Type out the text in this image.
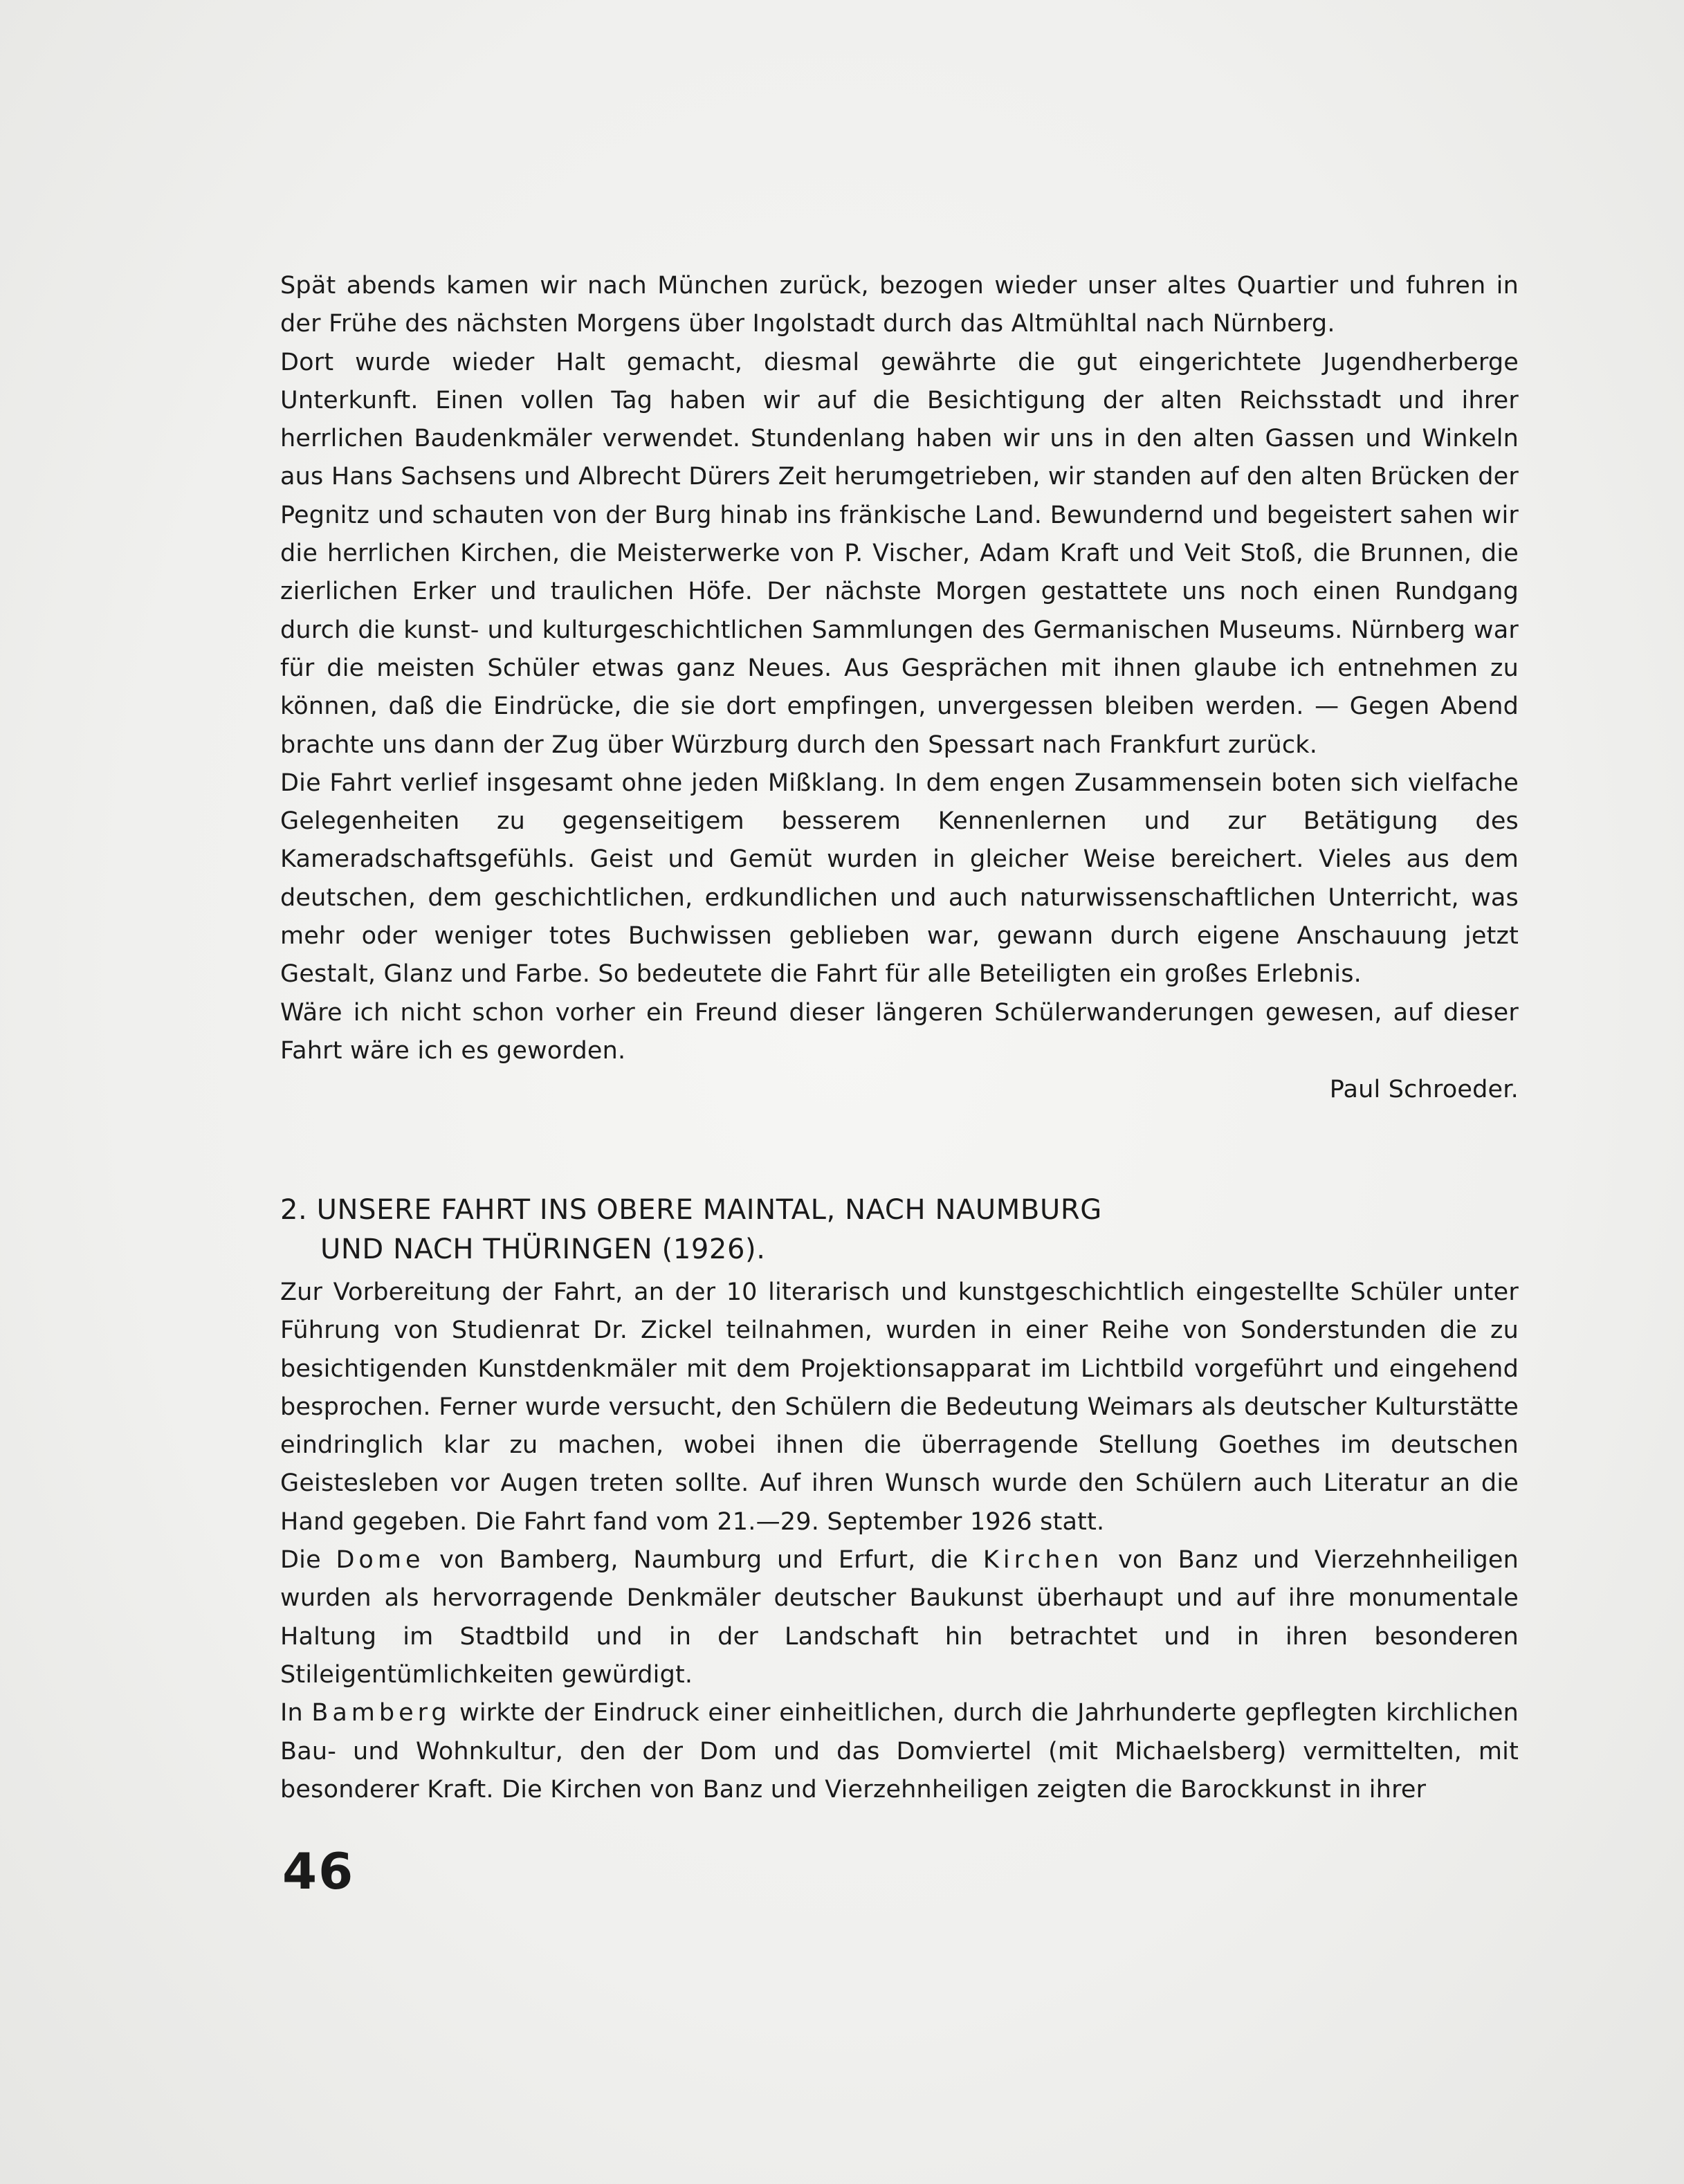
Spät abends kamen wir nach München zurück, bezogen wieder unser altes Quartier und fuhren in der Frühe des nächsten Morgens über Ingolstadt durch das Altmühltal nach Nürnberg.

Dort wurde wieder Halt gemacht, diesmal gewährte die gut eingerichtete Jugendherberge Unterkunft. Einen vollen Tag haben wir auf die Besichtigung der alten Reichsstadt und ihrer herrlichen Baudenkmäler verwendet. Stundenlang haben wir uns in den alten Gassen und Winkeln aus Hans Sachsens und Albrecht Dürers Zeit herumgetrieben, wir standen auf den alten Brücken der Pegnitz und schauten von der Burg hinab ins fränkische Land. Bewundernd und begeistert sahen wir die herrlichen Kirchen, die Meisterwerke von P. Vischer, Adam Kraft und Veit Stoß, die Brunnen, die zierlichen Erker und traulichen Höfe. Der nächste Morgen gestattete uns noch einen Rundgang durch die kunst- und kulturgeschichtlichen Sammlungen des Germanischen Museums. Nürnberg war für die meisten Schüler etwas ganz Neues. Aus Gesprächen mit ihnen glaube ich entnehmen zu können, daß die Eindrücke, die sie dort empfingen, unvergessen bleiben werden. — Gegen Abend brachte uns dann der Zug über Würzburg durch den Spessart nach Frankfurt zurück.

Die Fahrt verlief insgesamt ohne jeden Mißklang. In dem engen Zusammensein boten sich vielfache Gelegenheiten zu gegenseitigem besserem Kennenlernen und zur Betätigung des Kameradschaftsgefühls. Geist und Gemüt wurden in gleicher Weise bereichert. Vieles aus dem deutschen, dem geschichtlichen, erdkundlichen und auch naturwissenschaftlichen Unterricht, was mehr oder weniger totes Buchwissen geblieben war, gewann durch eigene Anschauung jetzt Gestalt, Glanz und Farbe. So bedeutete die Fahrt für alle Beteiligten ein großes Erlebnis.

Wäre ich nicht schon vorher ein Freund dieser längeren Schülerwanderungen gewesen, auf dieser Fahrt wäre ich es geworden.

Paul Schroeder.
2. UNSERE FAHRT INS OBERE MAINTAL, NACH NAUMBURG
UND NACH THÜRINGEN (1926).

Zur Vorbereitung der Fahrt, an der 10 literarisch und kunstgeschichtlich eingestellte Schüler unter Führung von Studienrat Dr. Zickel teilnahmen, wurden in einer Reihe von Sonderstunden die zu besichtigenden Kunstdenkmäler mit dem Projektionsapparat im Lichtbild vorgeführt und eingehend besprochen. Ferner wurde versucht, den Schülern die Bedeutung Weimars als deutscher Kulturstätte eindringlich klar zu machen, wobei ihnen die überragende Stellung Goethes im deutschen Geistesleben vor Augen treten sollte. Auf ihren Wunsch wurde den Schülern auch Literatur an die Hand gegeben. Die Fahrt fand vom 21.—29. September 1926 statt.

Die Dome von Bamberg, Naumburg und Erfurt, die Kirchen von Banz und Vierzehnheiligen wurden als hervorragende Denkmäler deutscher Baukunst überhaupt und auf ihre monumentale Haltung im Stadtbild und in der Landschaft hin betrachtet und in ihren besonderen Stileigentümlichkeiten gewürdigt.

In Bamberg wirkte der Eindruck einer einheitlichen, durch die Jahrhunderte gepflegten kirchlichen Bau- und Wohnkultur, den der Dom und das Domviertel (mit Michaelsberg) vermittelten, mit besonderer Kraft. Die Kirchen von Banz und Vierzehnheiligen zeigten die Barockkunst in ihrer

46
